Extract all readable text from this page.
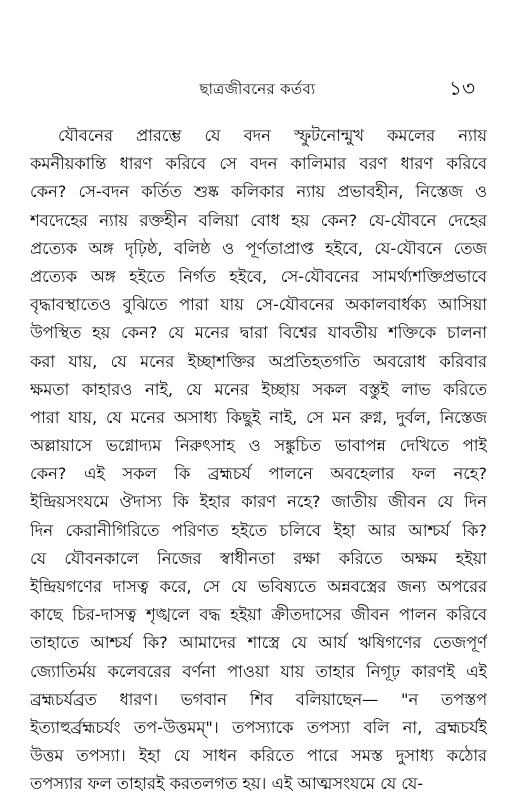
ছাত্রজীবনের কর্তব্য	১৩
যৌবনের প্রারম্ভে যে বদন স্ফুটনোন্মুখ কমলের ন্যায়
কমনীয়কান্তি ধারণ করিবে সে বদন কালিমার বরণ ধারণ করিবে
কেন? সে-বদন কর্তিত শুষ্ক কলিকার ন্যায় প্রভাবহীন, নিস্তেজ ও
শবদেহের ন্যায় রক্তহীন বলিয়া বোধ হয় কেন? যে-যৌবনে দেহের
প্রত্যেক অঙ্গ দৃঢ়িষ্ঠ, বলিষ্ঠ ও পূর্ণতাপ্রাপ্ত হইবে, যে-যৌবনে তেজ
প্রত্যেক অঙ্গ হইতে নির্গত হইবে, সে-যৌবনের সামর্থ্যশক্তিপ্রভাবে
বৃদ্ধাবস্থাতেও বুঝিতে পারা যায় সে-যৌবনের অকালবার্ধক্য আসিয়া
উপস্থিত হয় কেন? যে মনের দ্বারা বিশ্বের যাবতীয় শক্তিকে চালনা
করা যায়, যে মনের ইচ্ছাশক্তির অপ্রতিহতগতি অবরোধ করিবার
ক্ষমতা কাহারও নাই, যে মনের ইচ্ছায় সকল বস্তুই লাভ করিতে
পারা যায়, যে মনের অসাধ্য কিছুই নাই, সে মন রুগ্ন, দুর্বল, নিস্তেজ
অল্লায়াসে ভগ্নোদ্যম নিরুৎসাহ ও সঙ্কুচিত ভাবাপন্ন দেখিতে পাই
কেন? এই সকল কি ব্রহ্মচর্য পালনে অবহেলার ফল নহে?
ইন্দ্রিয়সংযমে ঔদাস্য কি ইহার কারণ নহে? জাতীয় জীবন যে দিন
দিন কেরানীগিরিতে পরিণত হইতে চলিবে ইহা আর আশ্চর্য কি?
যে যৌবনকালে নিজের স্বাধীনতা রক্ষা করিতে অক্ষম হইয়া
ইন্দ্রিয়গণের দাসত্ব করে, সে যে ভবিষ্যতে অন্নবস্ত্রের জন্য অপরের
কাছে চির-দাসত্ব শৃঙ্খলে বদ্ধ হইয়া ক্রীতদাসের জীবন পালন করিবে
তাহাতে আশ্চর্য কি? আমাদের শাস্ত্রে যে আর্য ঋষিগণের তেজপূর্ণ
জ্যোতির্ময় কলেবরের বর্ণনা পাওয়া যায় তাহার নিগূঢ় কারণই এই
ব্রহ্মচর্যব্রত ধারণ। ভগবান শিব বলিয়াছেন— "ন তপস্তপ
ইত্যাহুর্ব্রহ্মচর্যং তপ-উত্তমম্"। তপস্যাকে তপস্যা বলি না, ব্রহ্মচর্যই
উত্তম তপস্যা। ইহা যে সাধন করিতে পারে সমস্ত দুসাধ্য কঠোর
তপস্যার ফল তাহারই করতলগত হয়। এই আত্মসংযমে যে যে-
